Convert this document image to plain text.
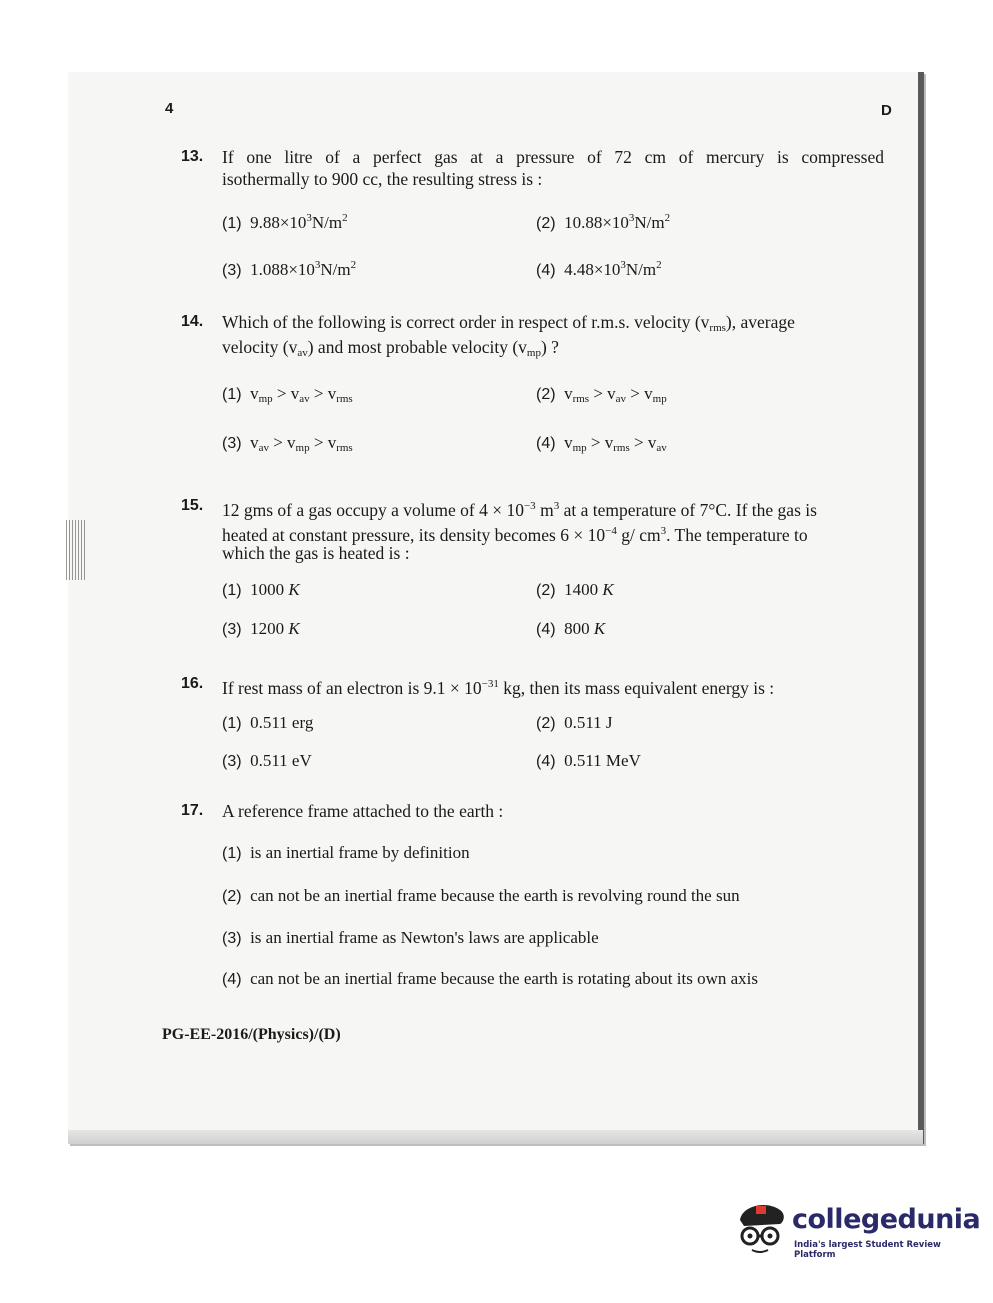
4	D
13. If one litre of a perfect gas at a pressure of 72 cm of mercury is compressed
isothermally to 900 cc, the resulting stress is :
(1) $9.88\times 10^3N/m^2$	(2) $10.88\times 10^3N/m^2$
(3) $1.088\times 10^3N/m^2$	(4) $4.48\times 10^3N/m^2$
14. Which of the following is correct order in respect of r.m.s. velocity $(v_{rms})$, average
velocity $(v_{av})$ and most probable velocity $(v_{mp})$ ?
(1) $v_{mp} > v_{av} > v_{rms}$	(2) $v_{rms} > v_{av} > v_{mp}$
(3) $v_{av} > v_{mp} > v_{rms}$	(4) $v_{mp} > v_{rms} > v_{av}$
15. 12 gms of a gas occupy a volume of $4 \times 10^{-3}$ $m^3$ at a temperature of 7°C. If the gas is
heated at constant pressure, its density becomes $6 \times 10^{-4}$ g/ $cm^3$. The temperature to
which the gas is heated is :
(1) 1000 K	(2) 1400 K
(3) 1200 K	(4) 800 K
16. If rest mass of an electron is $9.1 \times 10^{-31}$ kg, then its mass equivalent energy is :
(1) 0.511 erg	(2) 0.511 J
(3) 0.511 eV	(4) 0.511 MeV
17. A reference frame attached to the earth :
(1) is an inertial frame by definition
(2) can not be an inertial frame because the earth is revolving round the sun
(3) is an inertial frame as Newton's laws are applicable
(4) can not be an inertial frame because the earth is rotating about its own axis
PG-EE-2016/(Physics)/(D)
collegedunia
India's largest Student Review Platform
